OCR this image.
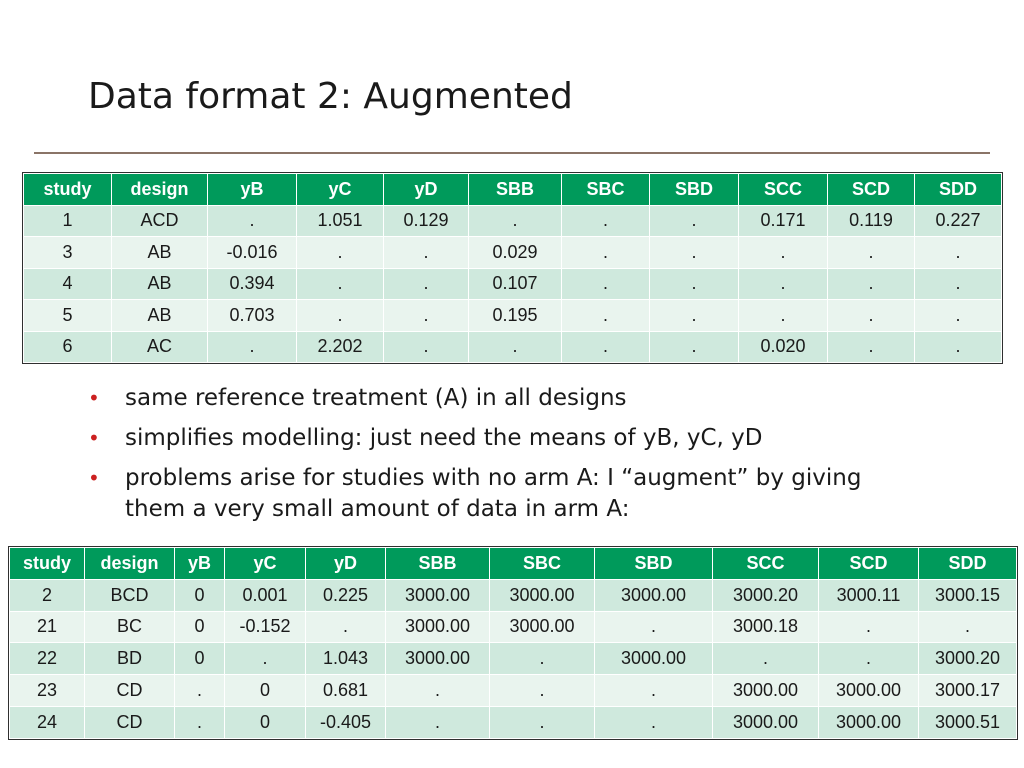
Data format 2: Augmented
study	design	yB	yC	yD	SBB	SBC	SBD	SCC	SCD	SDD
1	ACD	.	1.051	0.129	.	.	.	0.171	0.119	0.227
3	AB	-0.016	.	.	0.029	.	.	.	.	.
4	AB	0.394	.	.	0.107	.	.	.	.	.
5	AB	0.703	.	.	0.195	.	.	.	.	.
6	AC	.	2.202	.	.	.	.	0.020	.	.
• same reference treatment (A) in all designs
• simplifies modelling: just need the means of yB, yC, yD
• problems arise for studies with no arm A: I “augment” by giving them a very small amount of data in arm A:
study	design	yB	yC	yD	SBB	SBC	SBD	SCC	SCD	SDD
2	BCD	0	0.001	0.225	3000.00	3000.00	3000.00	3000.20	3000.11	3000.15
21	BC	0	-0.152	.	3000.00	3000.00	.	3000.18	.	.
22	BD	0	.	1.043	3000.00	.	3000.00	.	.	3000.20
23	CD	.	0	0.681	.	.	.	3000.00	3000.00	3000.17
24	CD	.	0	-0.405	.	.	.	3000.00	3000.00	3000.51
